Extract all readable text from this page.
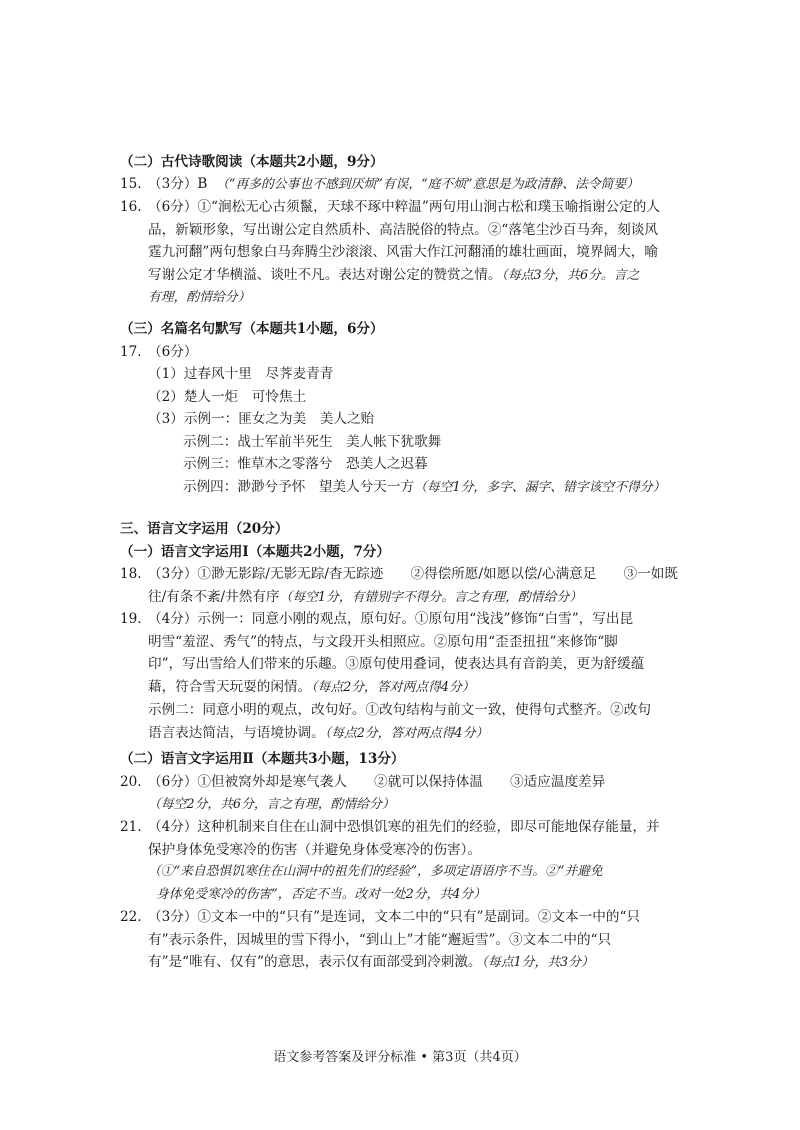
（二）古代诗歌阅读（本题共2小题，9分）
15. （3分）B （“再多的公事也不感到厌烦”有误，“庭不烦”意思是为政清静、法令简要）
16. （6分）①“涧松无心古须鬣，天球不琢中粹温”两句用山涧古松和璞玉喻指谢公定的人
品，新颖形象，写出谢公定自然质朴、高洁脱俗的特点。②“落笔尘沙百马奔，刻谈风
霆九河翻”两句想象白马奔腾尘沙滚滚、风雷大作江河翻涌的雄壮画面，境界阔大，喻
写谢公定才华横溢、谈吐不凡。表达对谢公定的赞赏之情。（每点3分，共6分。言之
有理，酌情给分）
（三）名篇名句默写（本题共1小题，6分）
17. （6分）
（1）过春风十里　尽荠麦青青
（2）楚人一炬　可怜焦土
（3）示例一：匪女之为美　美人之贻
示例二：战士军前半死生　美人帐下犹歌舞
示例三：惟草木之零落兮　恐美人之迟暮
示例四：渺渺兮予怀　望美人兮天一方（每空1分，多字、漏字、错字该空不得分）
三、语言文字运用（20分）
（一）语言文字运用Ⅰ（本题共2小题，7分）
18. （3分）①渺无影踪/无影无踪/杳无踪迹　　②得偿所愿/如愿以偿/心满意足　　③一如既
往/有条不紊/井然有序（每空1分，有错别字不得分。言之有理，酌情给分）
19. （4分）示例一：同意小刚的观点，原句好。①原句用“浅浅”修饰“白雪”，写出昆
明雪“羞涩、秀气”的特点，与文段开头相照应。②原句用“歪歪扭扭”来修饰“脚
印”，写出雪给人们带来的乐趣。③原句使用叠词，使表达具有音韵美，更为舒缓蕴
藉，符合雪天玩耍的闲情。（每点2分，答对两点得4分）
示例二：同意小明的观点，改句好。①改句结构与前文一致，使得句式整齐。②改句
语言表达简洁，与语境协调。（每点2分，答对两点得4分）
（二）语言文字运用Ⅱ（本题共3小题，13分）
20. （6分）①但被窝外却是寒气袭人　　②就可以保持体温　　③适应温度差异
（每空2分，共6分，言之有理，酌情给分）
21. （4分）这种机制来自住在山洞中恐惧饥寒的祖先们的经验，即尽可能地保存能量，并
保护身体免受寒冷的伤害（并避免身体受寒冷的伤害）。
（①“来自恐惧饥寒住在山洞中的祖先们的经验”，多项定语语序不当。②“并避免
身体免受寒冷的伤害”，否定不当。改对一处2分，共4分）
22. （3分）①文本一中的“只有”是连词，文本二中的“只有”是副词。②文本一中的“只
有”表示条件，因城里的雪下得小，“到山上”才能“邂逅雪”。③文本二中的“只
有”是“唯有、仅有”的意思，表示仅有面部受到冷刺激。（每点1分，共3分）
语文参考答案及评分标准 • 第3页（共4页）
